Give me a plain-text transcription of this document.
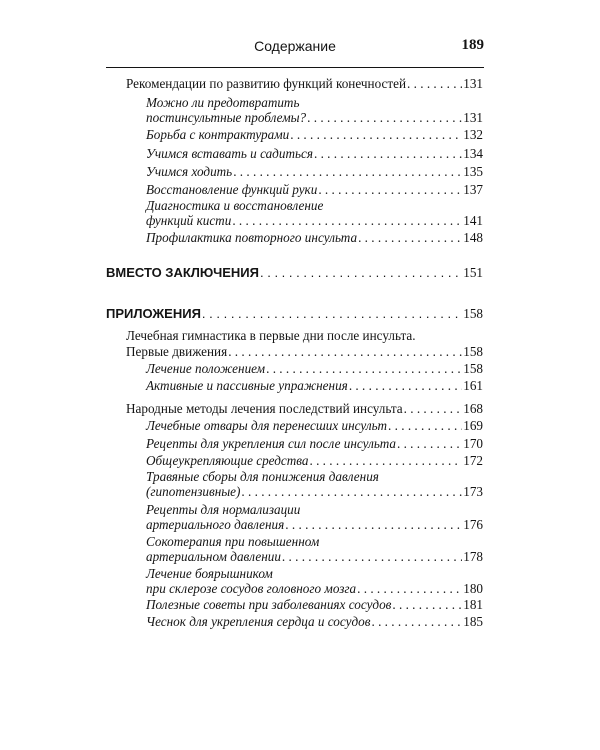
Содержание	189
Рекомендации по развитию функций конечностей . . .	131
Можно ли предотвратить
постинсультные проблемы? . . .	131
Борьба с контрактурами . . .	132
Учимся вставать и садиться . . .	134
Учимся ходить . . .	135
Восстановление функций руки . . .	137
Диагностика и восстановление
функций кисти . . .	141
Профилактика повторного инсульта . . .	148
ВМЕСТО ЗАКЛЮЧЕНИЯ . . .	151
ПРИЛОЖЕНИЯ . . .	158
Лечебная гимнастика в первые дни после инсульта.
Первые движения . . .	158
Лечение положением . . .	158
Активные и пассивные упражнения . . .	161
Народные методы лечения последствий инсульта . . .	168
Лечебные отвары для перенесших инсульт . . .	169
Рецепты для укрепления сил после инсульта . . .	170
Общеукрепляющие средства . . .	172
Травяные сборы для понижения давления
(гипотензивные) . . .	173
Рецепты для нормализации
артериального давления . . .	176
Сокотерапия при повышенном
артериальном давлении . . .	178
Лечение боярышником
при склерозе сосудов головного мозга . . .	180
Полезные советы при заболеваниях сосудов . . .	181
Чеснок для укрепления сердца и сосудов . . .	185
